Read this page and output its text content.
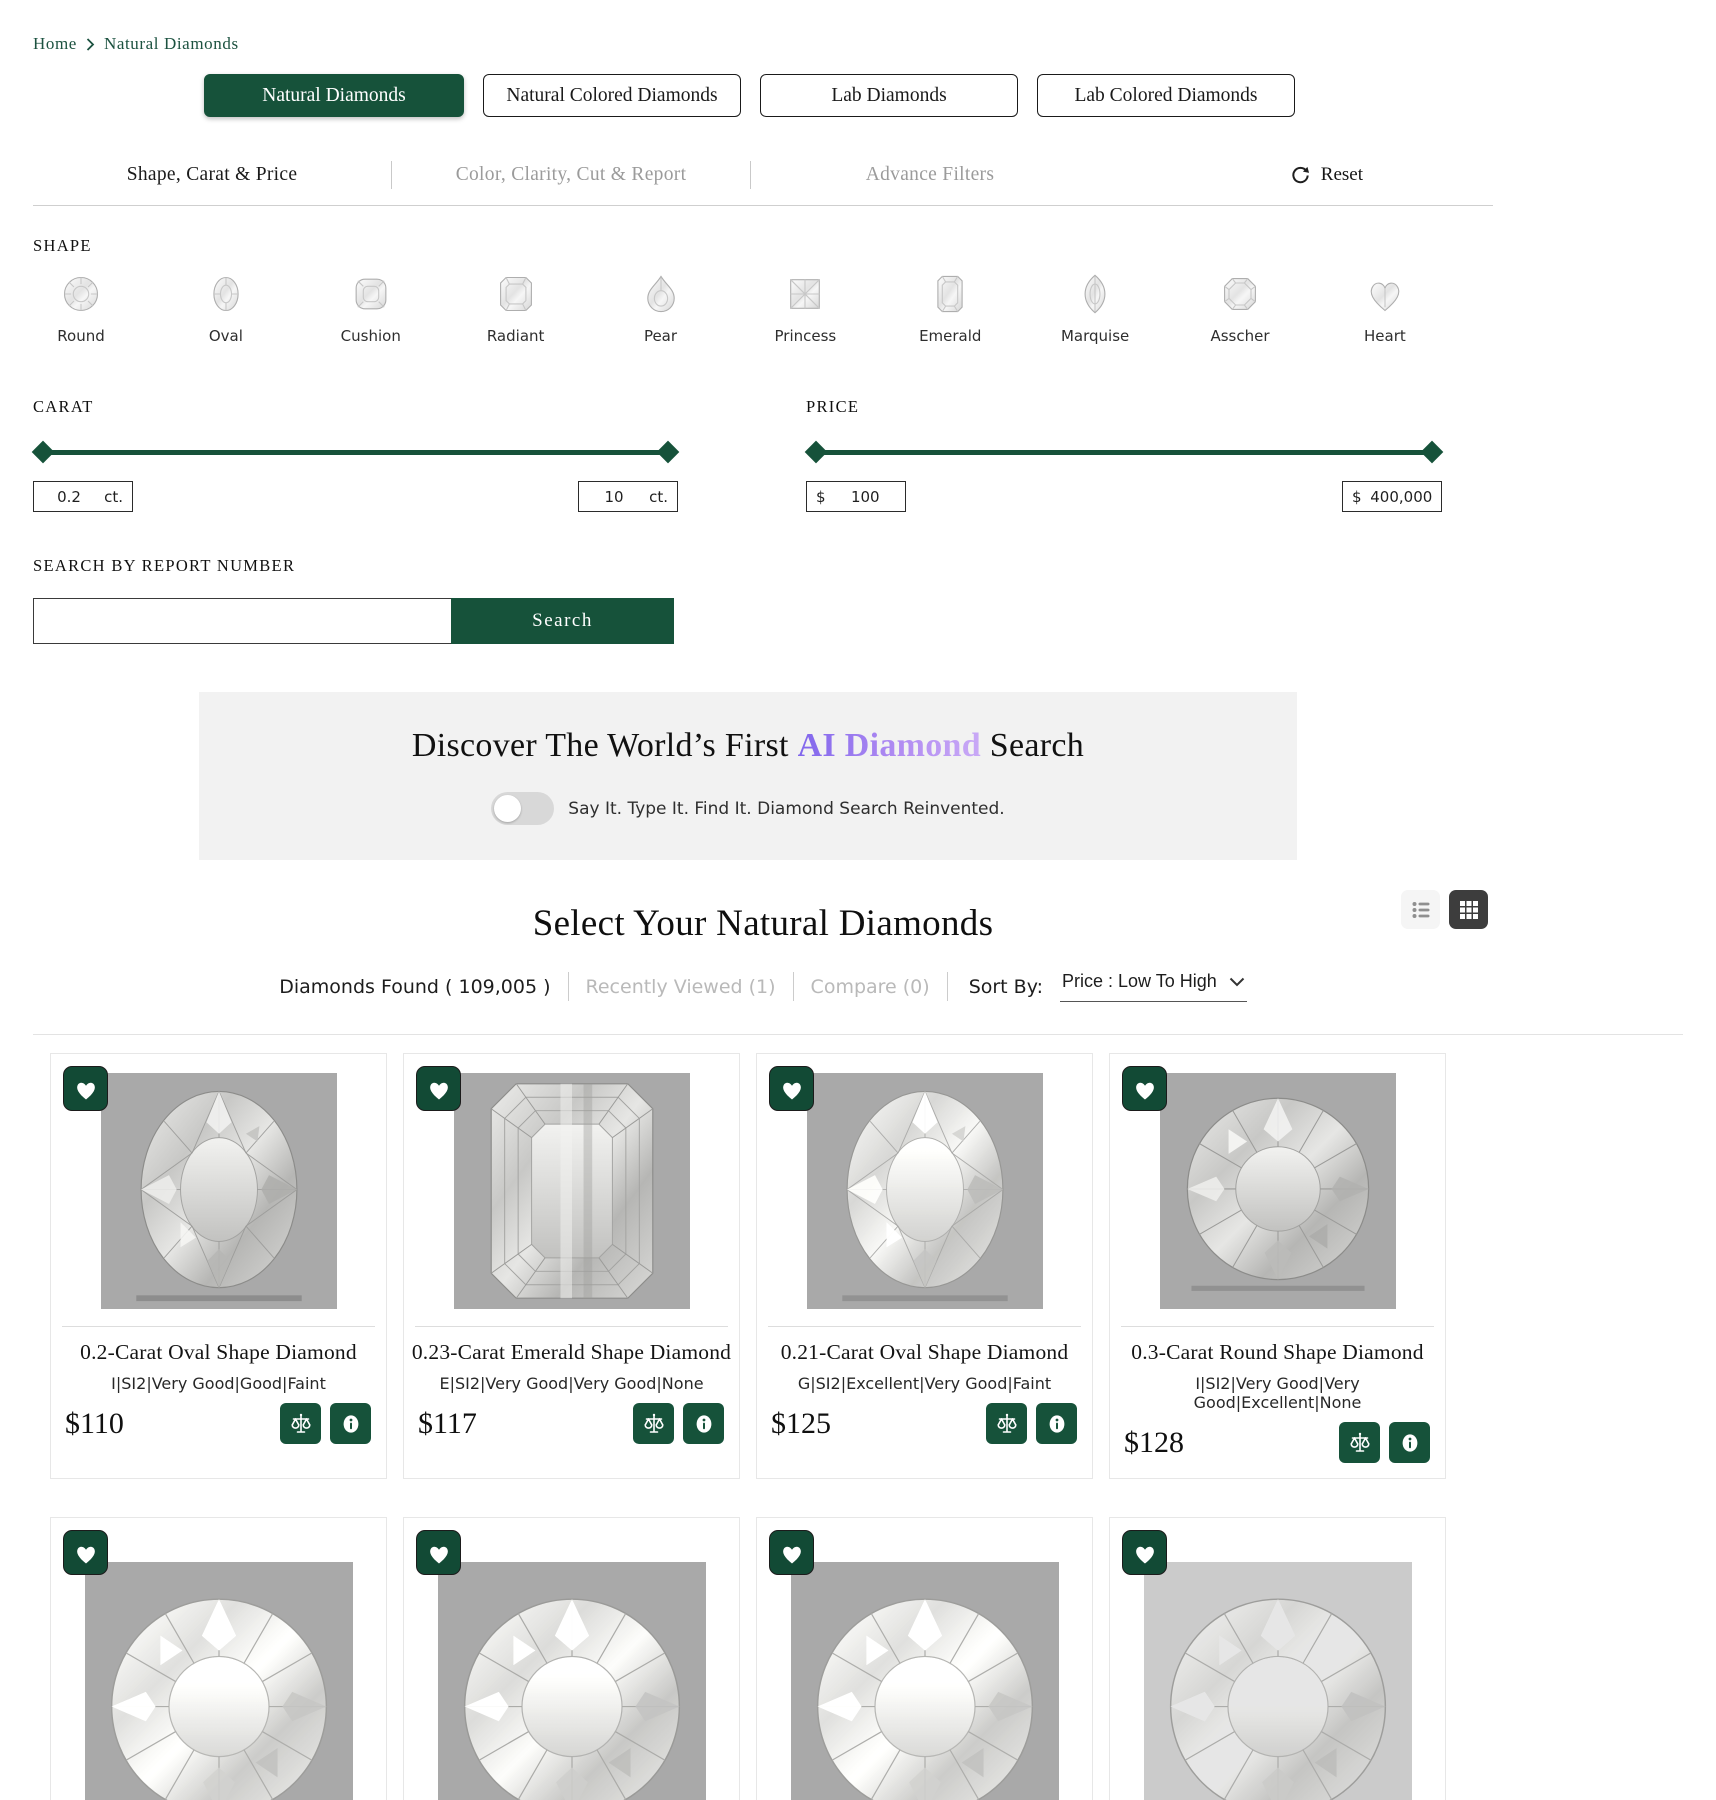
Home Natural Diamonds
Natural Diamonds	Natural Colored Diamonds	Lab Diamonds	Lab Colored Diamonds
Shape, Carat & Price	Color, Clarity, Cut & Report	Advance Filters	Reset
SHAPE
Round	Oval	Cushion	Radiant	Pear	Princess	Emerald	Marquise	Asscher	Heart
CARAT
0.2	ct.	10	ct.
PRICE
$	100	$ 400,000
SEARCH BY REPORT NUMBER
Search
Discover The World’s First AI Diamond Search
Say It. Type It. Find It. Diamond Search Reinvented.
Select Your Natural Diamonds
Diamonds Found ( 109,005 ) Recently Viewed (1) Compare (0) Sort By: Price : Low To High
0.2-Carat Oval Shape Diamond

I|SI2|Very Good|Good|Faint

$110
0.23-Carat Emerald Shape Diamond

E|SI2|Very Good|Very Good|None

$117
0.21-Carat Oval Shape Diamond

G|SI2|Excellent|Very Good|Faint

$125
0.3-Carat Round Shape Diamond

I|SI2|Very Good|Very Good|Excellent|None

$128
